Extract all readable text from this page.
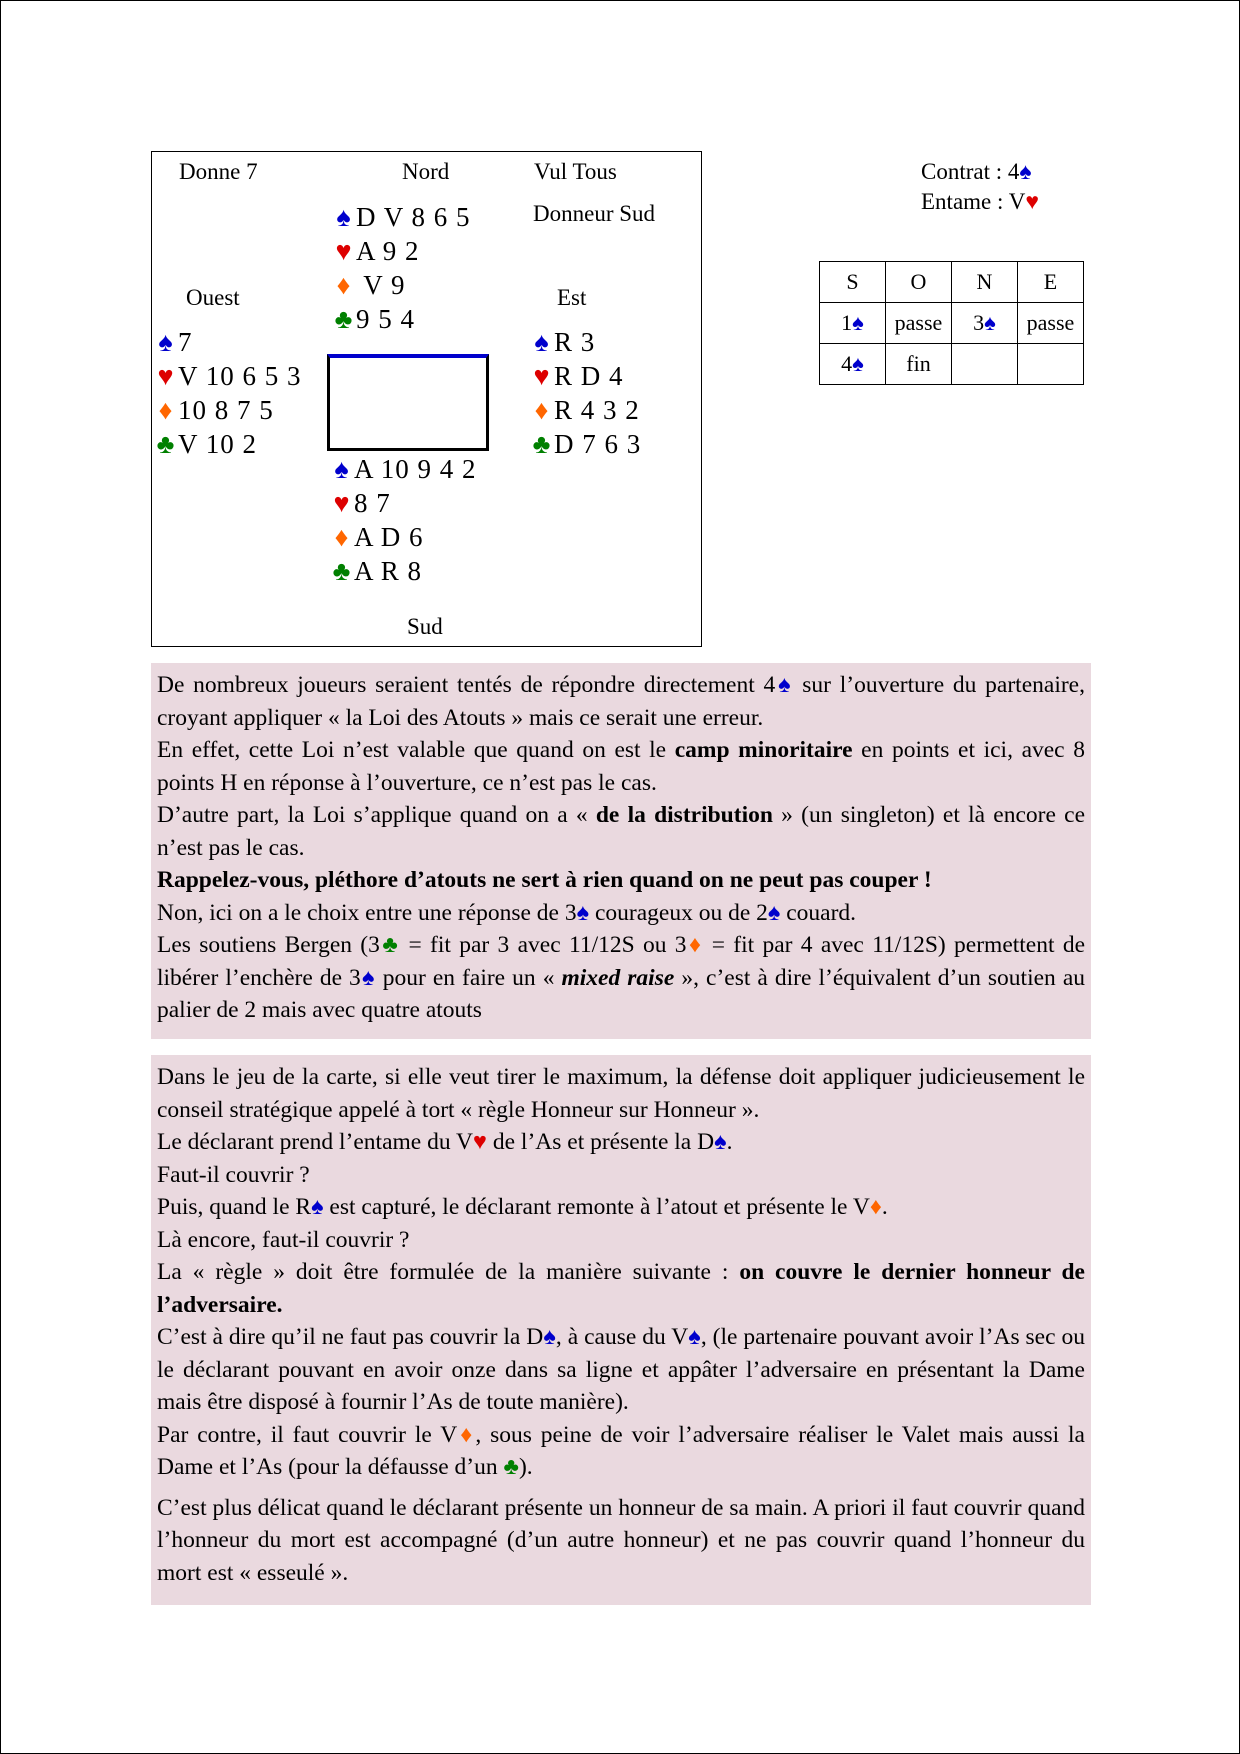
Donne 7	Nord	Vul Tous
Donneur Sud
Ouest	Est
Sud
♠ D V 8 6 5
♥ A 9 2
♦ V 9
♣9 5 4
♠ 7
♥ V 10 6 5 3
♦ 10 8 7 5
♣V 10 2
♠ R 3
♥ R D 4
♦ R 4 3 2
♣D 7 6 3
♠ A 10 9 4 2
♥ 8 7
♦ A D 6
♣A R 8
Contrat : 4♠
Entame : V♥
S	O	N	E
1♠	passe	3♠	passe
4♠	fin		

De nombreux joueurs seraient tentés de répondre directement 4♠ sur l’ouverture du partenaire, croyant appliquer « la Loi des Atouts » mais ce serait une erreur.

En effet, cette Loi n’est valable que quand on est le camp minoritaire en points et ici, avec 8 points H en réponse à l’ouverture, ce n’est pas le cas.

D’autre part, la Loi s’applique quand on a « de la distribution » (un singleton) et là encore ce n’est pas le cas.

Rappelez-vous, pléthore d’atouts ne sert à rien quand on ne peut pas couper !

Non, ici on a le choix entre une réponse de 3♠ courageux ou de 2♠ couard.

Les soutiens Bergen (3♣ = fit par 3 avec 11/12S ou 3♦ = fit par 4 avec 11/12S) permettent de libérer l’enchère de 3♠ pour en faire un « mixed raise », c’est à dire l’équivalent d’un soutien au palier de 2 mais avec quatre atouts

Dans le jeu de la carte, si elle veut tirer le maximum, la défense doit appliquer judicieusement le conseil stratégique appelé à tort « règle Honneur sur Honneur ».

Le déclarant prend l’entame du V♥ de l’As et présente la D♠.

Faut-il couvrir ?

Puis, quand le R♠ est capturé, le déclarant remonte à l’atout et présente le V♦.

Là encore, faut-il couvrir ?

La « règle » doit être formulée de la manière suivante : on couvre le dernier honneur de l’adversaire.

C’est à dire qu’il ne faut pas couvrir la D♠, à cause du V♠, (le partenaire pouvant avoir l’As sec ou le déclarant pouvant en avoir onze dans sa ligne et appâter l’adversaire en présentant la Dame mais être disposé à fournir l’As de toute manière).

Par contre, il faut couvrir le V♦, sous peine de voir l’adversaire réaliser le Valet mais aussi la Dame et l’As (pour la défausse d’un ♣).

C’est plus délicat quand le déclarant présente un honneur de sa main. A priori il faut couvrir quand l’honneur du mort est accompagné (d’un autre honneur) et ne pas couvrir quand l’honneur du mort est « esseulé ».
